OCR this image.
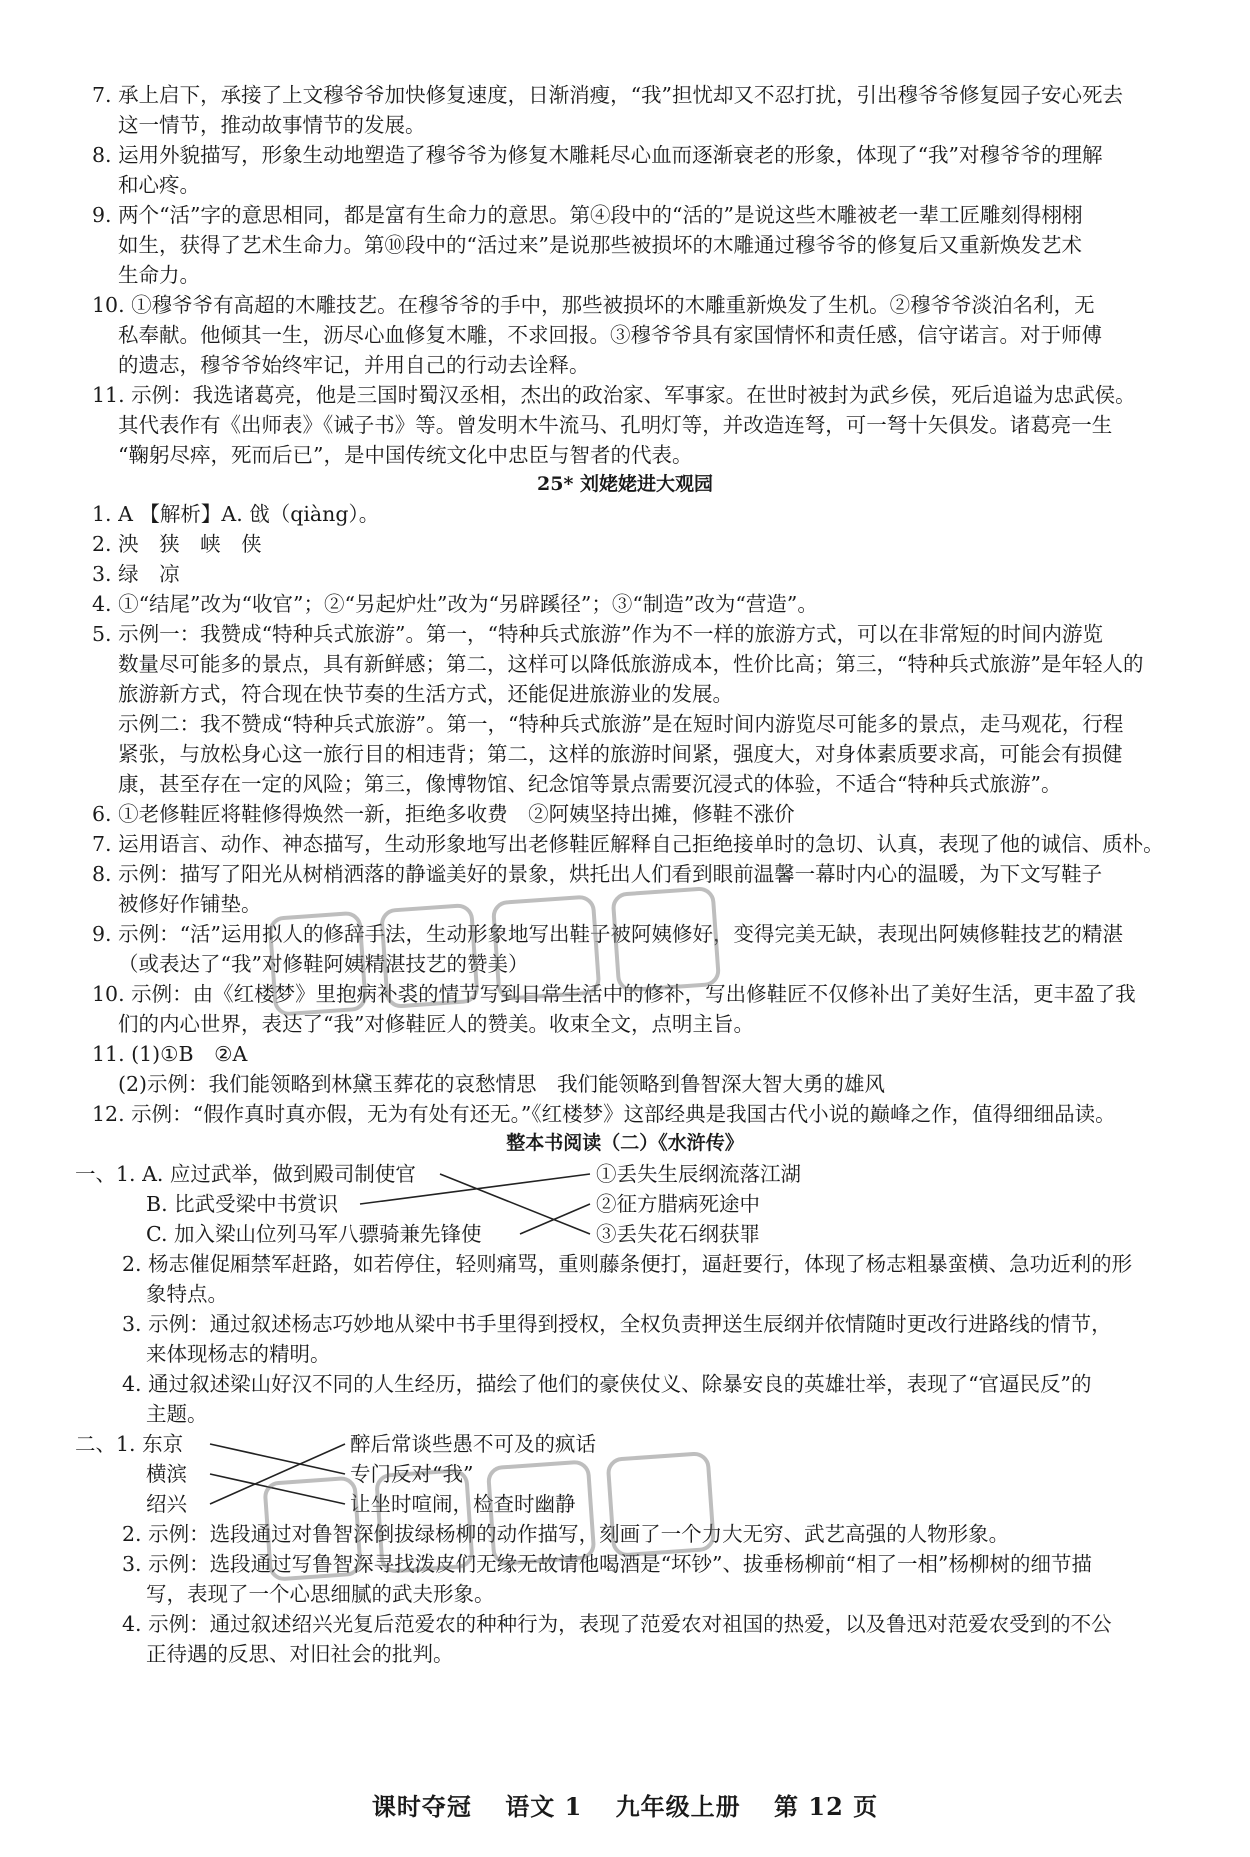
7. 承上启下，承接了上文穆爷爷加快修复速度，日渐消瘦，“我”担忧却又不忍打扰，引出穆爷爷修复园子安心死去
这一情节，推动故事情节的发展。
8. 运用外貌描写，形象生动地塑造了穆爷爷为修复木雕耗尽心血而逐渐衰老的形象，体现了“我”对穆爷爷的理解
和心疼。
9. 两个“活”字的意思相同，都是富有生命力的意思。第④段中的“活的”是说这些木雕被老一辈工匠雕刻得栩栩
如生，获得了艺术生命力。第⑩段中的“活过来”是说那些被损坏的木雕通过穆爷爷的修复后又重新焕发艺术
生命力。
10. ①穆爷爷有高超的木雕技艺。在穆爷爷的手中，那些被损坏的木雕重新焕发了生机。②穆爷爷淡泊名利，无
私奉献。他倾其一生，沥尽心血修复木雕，不求回报。③穆爷爷具有家国情怀和责任感，信守诺言。对于师傅
的遗志，穆爷爷始终牢记，并用自己的行动去诠释。
11. 示例：我选诸葛亮，他是三国时蜀汉丞相，杰出的政治家、军事家。在世时被封为武乡侯，死后追谥为忠武侯。
其代表作有《出师表》《诫子书》等。曾发明木牛流马、孔明灯等，并改造连弩，可一弩十矢俱发。诸葛亮一生
“鞠躬尽瘁，死而后已”，是中国传统文化中忠臣与智者的代表。
25* 刘姥姥进大观园
1. A 【解析】A. 戗（qiàng）。
2. 泱　狭　峡　侠
3. 绿　凉
4. ①“结尾”改为“收官”；②“另起炉灶”改为“另辟蹊径”；③“制造”改为“营造”。
5. 示例一：我赞成“特种兵式旅游”。第一，“特种兵式旅游”作为不一样的旅游方式，可以在非常短的时间内游览
数量尽可能多的景点，具有新鲜感；第二，这样可以降低旅游成本，性价比高；第三，“特种兵式旅游”是年轻人的
旅游新方式，符合现在快节奏的生活方式，还能促进旅游业的发展。
示例二：我不赞成“特种兵式旅游”。第一，“特种兵式旅游”是在短时间内游览尽可能多的景点，走马观花，行程
紧张，与放松身心这一旅行目的相违背；第二，这样的旅游时间紧，强度大，对身体素质要求高，可能会有损健
康，甚至存在一定的风险；第三，像博物馆、纪念馆等景点需要沉浸式的体验，不适合“特种兵式旅游”。
6. ①老修鞋匠将鞋修得焕然一新，拒绝多收费　②阿姨坚持出摊，修鞋不涨价
7. 运用语言、动作、神态描写，生动形象地写出老修鞋匠解释自己拒绝接单时的急切、认真，表现了他的诚信、质朴。
8. 示例：描写了阳光从树梢洒落的静谧美好的景象，烘托出人们看到眼前温馨一幕时内心的温暖，为下文写鞋子
被修好作铺垫。
9. 示例：“活”运用拟人的修辞手法，生动形象地写出鞋子被阿姨修好，变得完美无缺，表现出阿姨修鞋技艺的精湛
（或表达了“我”对修鞋阿姨精湛技艺的赞美）
10. 示例：由《红楼梦》里抱病补裘的情节写到日常生活中的修补，写出修鞋匠不仅修补出了美好生活，更丰盈了我
们的内心世界，表达了“我”对修鞋匠人的赞美。收束全文，点明主旨。
11. (1)①B　②A
(2)示例：我们能领略到林黛玉葬花的哀愁情思　我们能领略到鲁智深大智大勇的雄风
12. 示例：“假作真时真亦假，无为有处有还无。”《红楼梦》这部经典是我国古代小说的巅峰之作，值得细细品读。
整本书阅读（二）《水浒传》
一、1. A. 应过武举，做到殿司制使官
B. 比武受梁中书赏识
C. 加入梁山位列马军八骠骑兼先锋使
①丢失生辰纲流落江湖
②征方腊病死途中
③丢失花石纲获罪
2. 杨志催促厢禁军赶路，如若停住，轻则痛骂，重则藤条便打，逼赶要行，体现了杨志粗暴蛮横、急功近利的形
象特点。
3. 示例：通过叙述杨志巧妙地从梁中书手里得到授权，全权负责押送生辰纲并依情随时更改行进路线的情节，
来体现杨志的精明。
4. 通过叙述梁山好汉不同的人生经历，描绘了他们的豪侠仗义、除暴安良的英雄壮举，表现了“官逼民反”的
主题。
二、1. 东京
横滨
绍兴
醉后常谈些愚不可及的疯话
专门反对“我”
让坐时喧闹，检查时幽静
2. 示例：选段通过对鲁智深倒拔绿杨柳的动作描写，刻画了一个力大无穷、武艺高强的人物形象。
3. 示例：选段通过写鲁智深寻找泼皮们无缘无故请他喝酒是“坏钞”、拔垂杨柳前“相了一相”杨柳树的细节描
写，表现了一个心思细腻的武夫形象。
4. 示例：通过叙述绍兴光复后范爱农的种种行为，表现了范爱农对祖国的热爱，以及鲁迅对范爱农受到的不公
正待遇的反思、对旧社会的批判。
课时夺冠 语文 1 九年级上册 第 12 页
